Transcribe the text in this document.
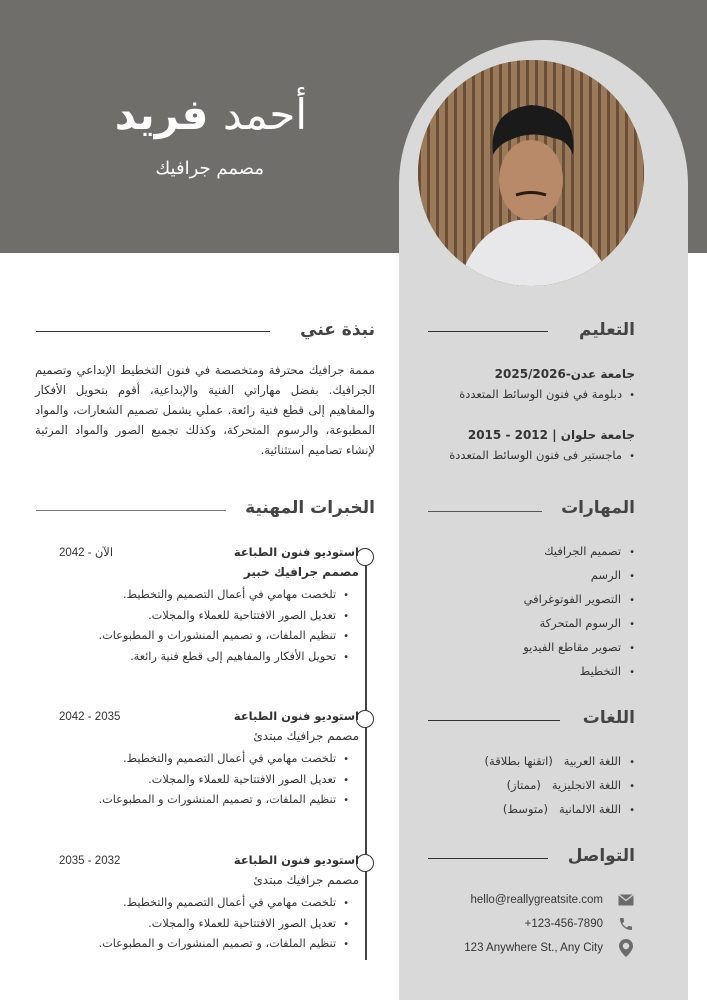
أحمد فريد
مصمم جرافيك
نبذة عني
مممة جرافيك محترفة ومتخصصة في فنون التخطيط الإبداعي وتصميم الجرافيك. بفضل مهاراتي الفنية والإبداعية، أقوم بتحويل الأفكار والمفاهيم إلى قطع فنية رائعة. عملي يشمل تصميم الشعارات، والمواد المطبوعة، والرسوم المتحركة، وكذلك تجميع الصور والمواد المرئية لإنشاء تصاميم استثنائية.
الخبرات المهنية
استوديو فنون الطباعة
2042 - الآن
مصمم جرافيك خبير
• تلخصت مهامي في أعمال التصميم والتخطيط.
• تعديل الصور الافتتاحية للعملاء والمجلات.
• تنظيم الملفات، و تصميم المنشورات و المطبوعات.
• تحويل الأفكار والمفاهيم إلى قطع فنية رائعة.
استوديو فنون الطباعة
2042 - 2035
مصمم جرافيك مبتدئ
• تلخصت مهامي في أعمال التصميم والتخطيط.
• تعديل الصور الافتتاحية للعملاء والمجلات.
• تنظيم الملفات، و تصميم المنشورات و المطبوعات.
استوديو فنون الطباعة
2035 - 2032
مصمم جرافيك مبتدئ
• تلخصت مهامي في أعمال التصميم والتخطيط.
• تعديل الصور الافتتاحية للعملاء والمجلات.
• تنظيم الملفات، و تصميم المنشورات و المطبوعات.
التعليم
جامعة عدن-2025/2026
• دبلومة في فنون الوسائط المتعددة
جامعة حلوان | 2012 - 2015
• ماجستير فى فنون الوسائط المتعددة
المهارات
• تصميم الجرافيك
• الرسم
• التصوير الفوتوغرافي
• الرسوم المتحركة
• تصوير مقاطع الفيديو
• التخطيط
اللغات
• اللغة العربية   (اتقنها بطلاقة)
• اللغة الانجليزية   (ممتاز)
• اللغة الالمانية   (متوسط)
التواصل
hello@reallygreatsite.com
+123-456-7890
123 Anywhere St., Any City
